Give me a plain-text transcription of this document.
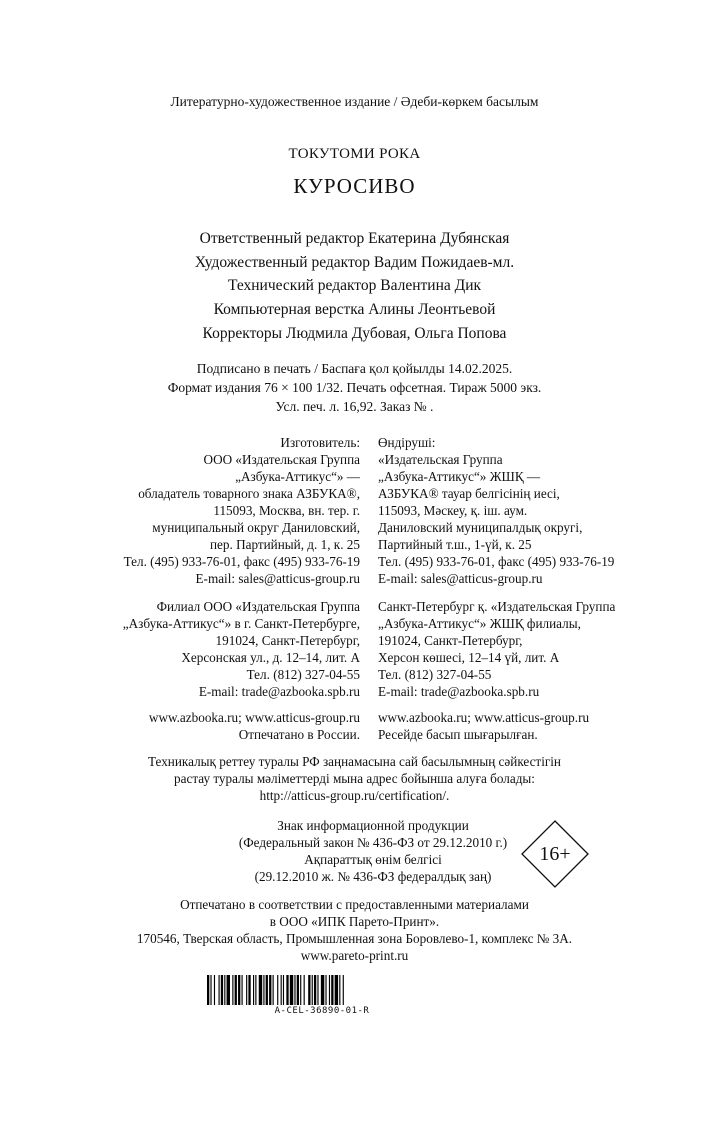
Литературно-художественное издание / Әдеби-көркем басылым
ТОКУТОМИ РОКА
КУРОСИВО
Ответственный редактор Екатерина Дубянская
Художественный редактор Вадим Пожидаев-мл.
Технический редактор Валентина Дик
Компьютерная верстка Алины Леонтьевой
Корректоры Людмила Дубовая, Ольга Попова
Подписано в печать / Баспаға қол қойылды 14.02.2025.
Формат издания 76 × 100 1/32. Печать офсетная. Тираж 5000 экз.
Усл. печ. л. 16,92. Заказ № .
Изготовитель:
ООО «Издательская Группа
„Азбука-Аттикус“» —
обладатель товарного знака АЗБУКА®,
115093, Москва, вн. тер. г.
муниципальный округ Даниловский,
пер. Партийный, д. 1, к. 25
Тел. (495) 933-76-01, факс (495) 933-76-19
E-mail: sales@atticus-group.ru
Өндіруші:
«Издательская Группа
„Азбука-Аттикус“» ЖШҚ —
АЗБУКА® тауар белгісінің иесі,
115093, Мәскеу, қ. іш. аум.
Даниловский муниципалдық округі,
Партийный т.ш., 1-үй, к. 25
Тел. (495) 933-76-01, факс (495) 933-76-19
E-mail: sales@atticus-group.ru
Филиал ООО «Издательская Группа
„Азбука-Аттикус“» в г. Санкт-Петербурге,
191024, Санкт-Петербург,
Херсонская ул., д. 12–14, лит. А
Тел. (812) 327-04-55
E-mail: trade@azbooka.spb.ru
Санкт-Петербург қ. «Издательская Группа
„Азбука-Аттикус“» ЖШҚ филиалы,
191024, Санкт-Петербург,
Херсон көшесі, 12–14 үй, лит. А
Тел. (812) 327-04-55
E-mail: trade@azbooka.spb.ru
www.azbooka.ru; www.atticus-group.ru
Отпечатано в России.
www.azbooka.ru; www.atticus-group.ru
Ресейде басып шығарылған.
Техникалық реттеу туралы РФ заңнамасына сай басылымның сәйкестігін
растау туралы мәліметтерді мына адрес бойынша алуға болады:
http://atticus-group.ru/certification/.
Знак информационной продукции
(Федеральный закон № 436-ФЗ от 29.12.2010 г.)
Ақпараттық өнім белгісі
(29.12.2010 ж. № 436-ФЗ федералдық заң)
16+
Отпечатано в соответствии с предоставленными материалами
в ООО «ИПК Парето-Принт».
170546, Тверская область, Промышленная зона Боровлево-1, комплекс № 3А.
www.pareto-print.ru
A-CEL-36890-01-R
